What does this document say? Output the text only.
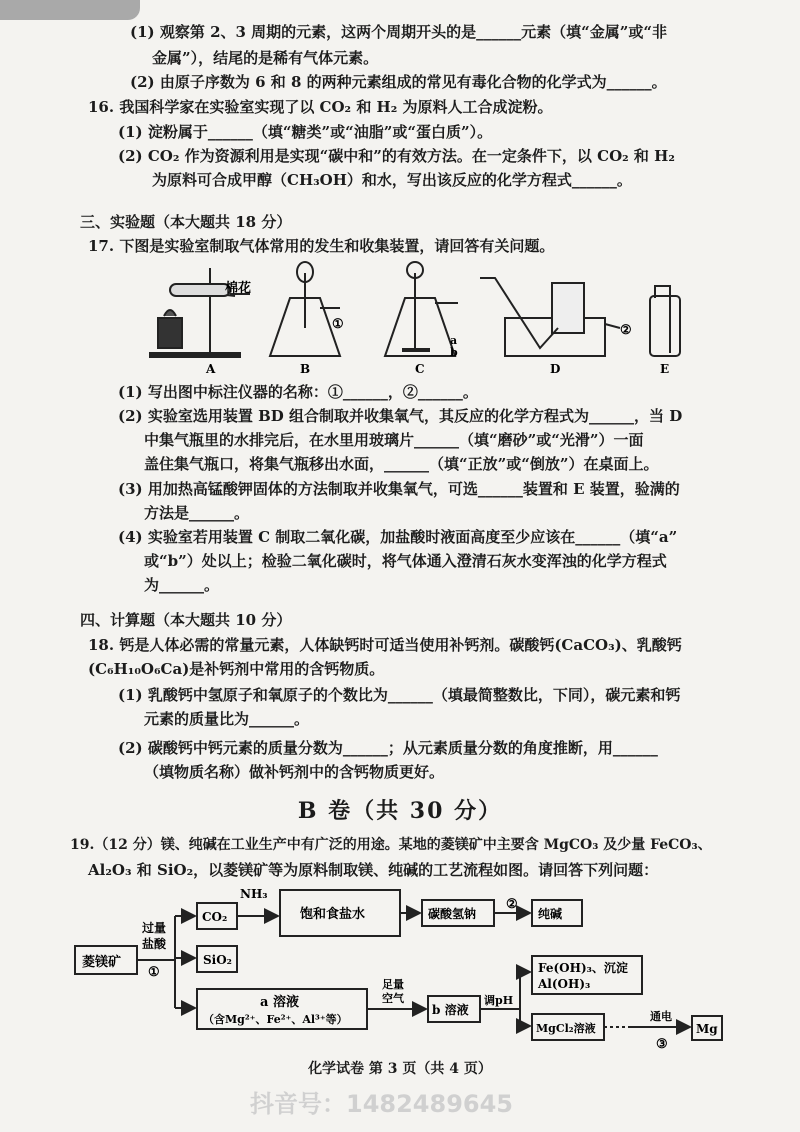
(1) 观察第 2、3 周期的元素，这两个周期开头的是______元素（填“金属”或“非
金属”），结尾的是稀有气体元素。
(2) 由原子序数为 6 和 8 的两种元素组成的常见有毒化合物的化学式为______。
16. 我国科学家在实验室实现了以 CO₂ 和 H₂ 为原料人工合成淀粉。
(1) 淀粉属于______（填“糖类”或“油脂”或“蛋白质”）。
(2) CO₂ 作为资源利用是实现“碳中和”的有效方法。在一定条件下，以 CO₂ 和 H₂
为原料可合成甲醇（CH₃OH）和水，写出该反应的化学方程式______。
三、实验题（本大题共 18 分）
17. 下图是实验室制取气体常用的发生和收集装置，请回答有关问题。
棉花
A
①
B
a
b
C
②
D	E
(1) 写出图中标注仪器的名称：①______，②______。
(2) 实验室选用装置 BD 组合制取并收集氧气，其反应的化学方程式为______，当 D
中集气瓶里的水排完后，在水里用玻璃片______（填“磨砂”或“光滑”）一面
盖住集气瓶口，将集气瓶移出水面，______（填“正放”或“倒放”）在桌面上。
(3) 用加热高锰酸钾固体的方法制取并收集氧气，可选______装置和 E 装置，验满的
方法是______。
(4) 实验室若用装置 C 制取二氧化碳，加盐酸时液面高度至少应该在______（填“a”
或“b”）处以上；检验二氧化碳时，将气体通入澄清石灰水变浑浊的化学方程式
为______。
四、计算题（本大题共 10 分）
18. 钙是人体必需的常量元素，人体缺钙时可适当使用补钙剂。碳酸钙(CaCO₃)、乳酸钙
(C₆H₁₀O₆Ca)是补钙剂中常用的含钙物质。
(1) 乳酸钙中氢原子和氧原子的个数比为______（填最简整数比，下同），碳元素和钙
元素的质量比为______。
(2) 碳酸钙中钙元素的质量分数为______；从元素质量分数的角度推断，用______
（填物质名称）做补钙剂中的含钙物质更好。
B 卷（共 30 分）
19.（12 分）镁、纯碱在工业生产中有广泛的用途。某地的菱镁矿中主要含 MgCO₃ 及少量 FeCO₃、
Al₂O₃ 和 SiO₂，以菱镁矿等为原料制取镁、纯碱的工艺流程如图。请回答下列问题：
菱镁矿
过量
盐酸
①
CO₂
SiO₂
NH₃
饱和食盐水	碳酸氢钠
②
纯碱
a 溶液
（含Mg²⁺、Fe²⁺、Al³⁺等）
足量
空气
b 溶液
调pH
Fe(OH)₃、沉淀
Al(OH)₃
MgCl₂溶液
通电
③
Mg
化学试卷 第 3 页（共 4 页）
抖音号：1482489645
